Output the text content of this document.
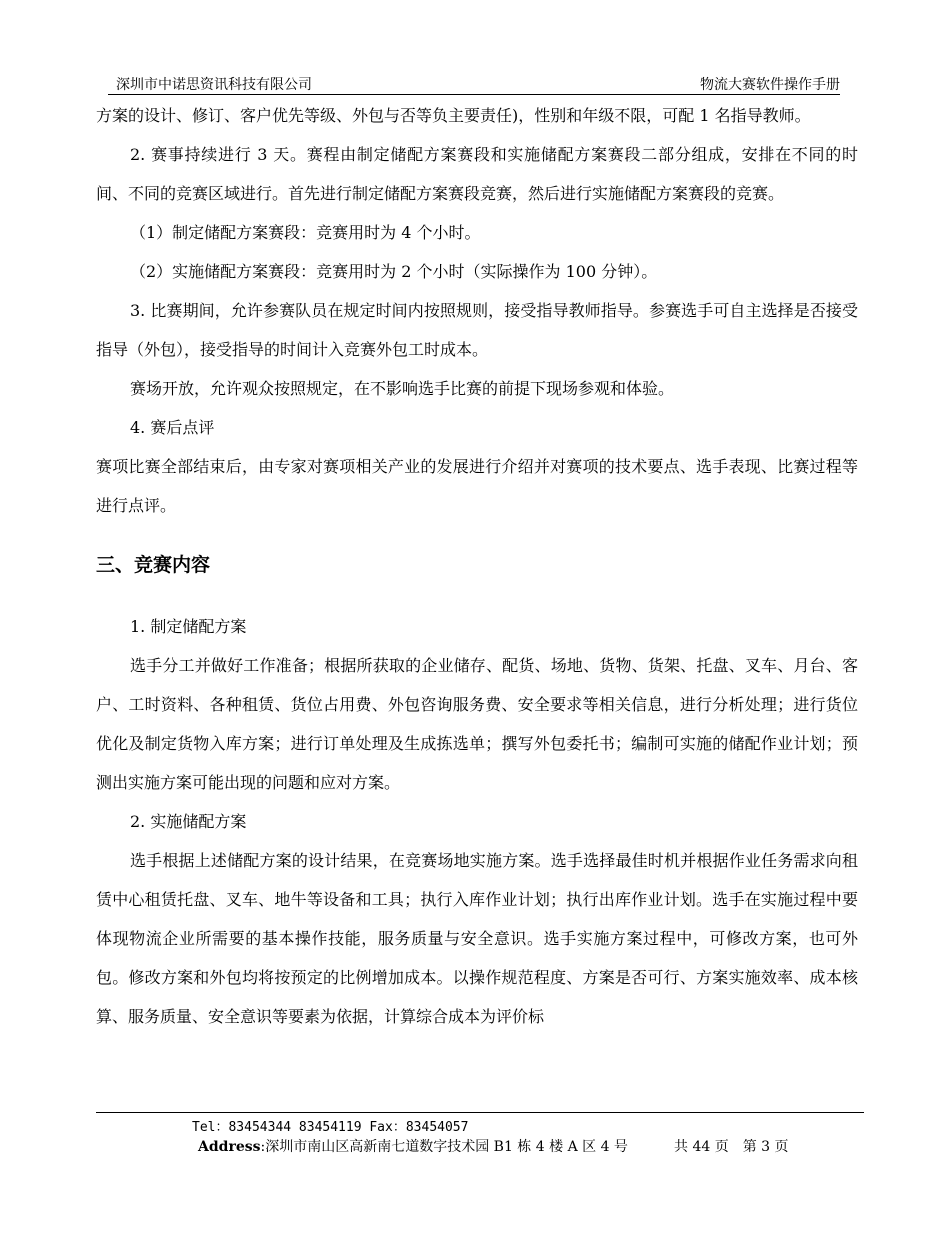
深圳市中诺思资讯科技有限公司	物流大赛软件操作手册

方案的设计、修订、客户优先等级、外包与否等负主要责任)，性别和年级不限，可配 1 名指导教师。

2. 赛事持续进行 3 天。赛程由制定储配方案赛段和实施储配方案赛段二部分组成，安排在不同的时间、不同的竞赛区域进行。首先进行制定储配方案赛段竞赛，然后进行实施储配方案赛段的竞赛。

（1）制定储配方案赛段：竞赛用时为 4 个小时。

（2）实施储配方案赛段：竞赛用时为 2 个小时（实际操作为 100 分钟）。

3. 比赛期间，允许参赛队员在规定时间内按照规则，接受指导教师指导。参赛选手可自主选择是否接受指导（外包），接受指导的时间计入竞赛外包工时成本。

赛场开放，允许观众按照规定，在不影响选手比赛的前提下现场参观和体验。

4. 赛后点评

赛项比赛全部结束后，由专家对赛项相关产业的发展进行介绍并对赛项的技术要点、选手表现、比赛过程等进行点评。

三、竞赛内容

1. 制定储配方案

选手分工并做好工作准备；根据所获取的企业储存、配货、场地、货物、货架、托盘、叉车、月台、客户、工时资料、各种租赁、货位占用费、外包咨询服务费、安全要求等相关信息，进行分析处理；进行货位优化及制定货物入库方案；进行订单处理及生成拣选单；撰写外包委托书；编制可实施的储配作业计划；预测出实施方案可能出现的问题和应对方案。

2. 实施储配方案

选手根据上述储配方案的设计结果，在竞赛场地实施方案。选手选择最佳时机并根据作业任务需求向租赁中心租赁托盘、叉车、地牛等设备和工具；执行入库作业计划；执行出库作业计划。选手在实施过程中要体现物流企业所需要的基本操作技能，服务质量与安全意识。选手实施方案过程中，可修改方案，也可外包。修改方案和外包均将按预定的比例增加成本。以操作规范程度、方案是否可行、方案实施效率、成本核算、服务质量、安全意识等要素为依据，计算综合成本为评价标

Tel：83454344 83454119 Fax：83454057
Address:深圳市南山区高新南七道数字技术园 B1 栋 4 楼 A 区 4 号	共 44 页　第 3 页
